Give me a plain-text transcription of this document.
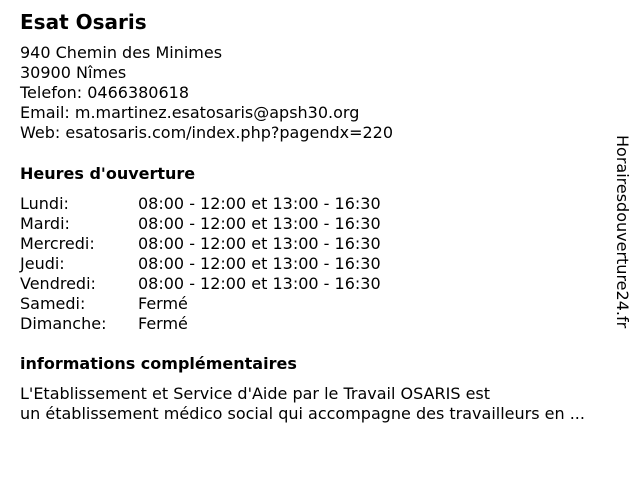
Esat Osaris
940 Chemin des Minimes
30900 Nîmes
Telefon: 0466380618
Email: m.martinez.esatosaris@apsh30.org
Web: esatosaris.com/index.php?pagendx=220
Heures d'ouverture
Lundi:	08:00 - 12:00 et 13:00 - 16:30
Mardi:	08:00 - 12:00 et 13:00 - 16:30
Mercredi:	08:00 - 12:00 et 13:00 - 16:30
Jeudi:	08:00 - 12:00 et 13:00 - 16:30
Vendredi:	08:00 - 12:00 et 13:00 - 16:30
Samedi:	Fermé
Dimanche: Fermé
informations complémentaires
L'Etablissement et Service d'Aide par le Travail OSARIS est
un établissement médico social qui accompagne des travailleurs en ...
Horairesdouverture24.fr
